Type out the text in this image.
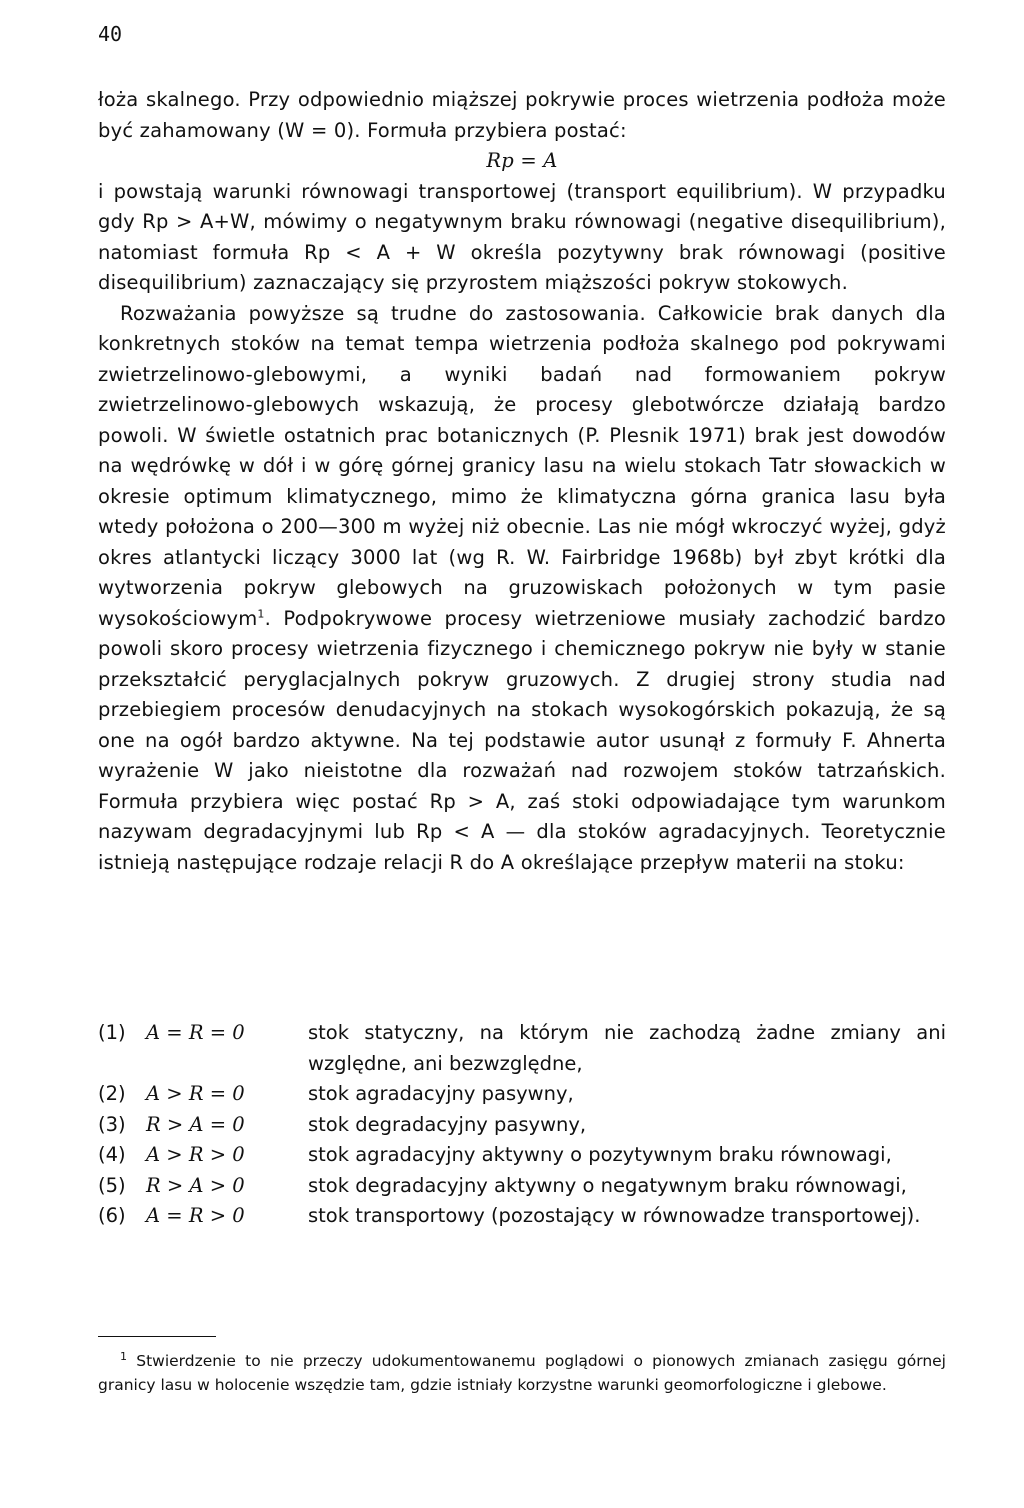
40

łoża skalnego. Przy odpowiednio miąższej pokrywie proces wietrzenia podłoża może być zahamowany (W = 0). Formuła przybiera postać:

Rp = A

i powstają warunki równowagi transportowej (transport equilibrium). W przypadku gdy Rp > A+W, mówimy o negatywnym braku równowagi (negative disequilibrium), natomiast formuła Rp < A + W określa pozytywny brak równowagi (positive disequilibrium) zaznaczający się przyrostem miąższości pokryw stokowych.

Rozważania powyższe są trudne do zastosowania. Całkowicie brak danych dla konkretnych stoków na temat tempa wietrzenia podłoża skalnego pod pokrywami zwietrzelinowo-glebowymi, a wyniki badań nad formowaniem pokryw zwietrzelinowo-glebowych wskazują, że procesy glebotwórcze działają bardzo powoli. W świetle ostatnich prac botanicznych (P. Plesnik 1971) brak jest dowodów na wędrówkę w dół i w górę górnej granicy lasu na wielu stokach Tatr słowackich w okresie optimum klimatycznego, mimo że klimatyczna górna granica lasu była wtedy położona o 200—300 m wyżej niż obecnie. Las nie mógł wkroczyć wyżej, gdyż okres atlantycki liczący 3000 lat (wg R. W. Fairbridge 1968b) był zbyt krótki dla wytworzenia pokryw glebowych na gruzowiskach położonych w tym pasie wysokościowym$^1$. Podpokrywowe procesy wietrzeniowe musiały zachodzić bardzo powoli skoro procesy wietrzenia fizycznego i chemicznego pokryw nie były w stanie przekształcić peryglacjalnych pokryw gruzowych. Z drugiej strony studia nad przebiegiem procesów denudacyjnych na stokach wysokogórskich pokazują, że są one na ogół bardzo aktywne. Na tej podstawie autor usunął z formuły F. Ahnerta wyrażenie W jako nieistotne dla rozważań nad rozwojem stoków tatrzańskich. Formuła przybiera więc postać Rp > A, zaś stoki odpowiadające tym warunkom nazywam degradacyjnymi lub Rp < A — dla stoków agradacyjnych. Teoretycznie istnieją następujące rodzaje relacji R do A określające przepływ materii na stoku:

(1)	A = R = 0	stok statyczny, na którym nie zachodzą żadne zmiany ani względne, ani bezwzględne,
(2)	A > R = 0	stok agradacyjny pasywny,
(3)	R > A = 0	stok degradacyjny pasywny,
(4)	A > R > 0	stok agradacyjny aktywny o pozytywnym braku równowagi,
(5)	R > A > 0	stok degradacyjny aktywny o negatywnym braku równowagi,
(6)	A = R > 0	stok transportowy (pozostający w równowadze transportowej).
$^1$ Stwierdzenie to nie przeczy udokumentowanemu poglądowi o pionowych zmianach zasięgu górnej granicy lasu w holocenie wszędzie tam, gdzie istniały korzystne warunki geomorfologiczne i glebowe.
